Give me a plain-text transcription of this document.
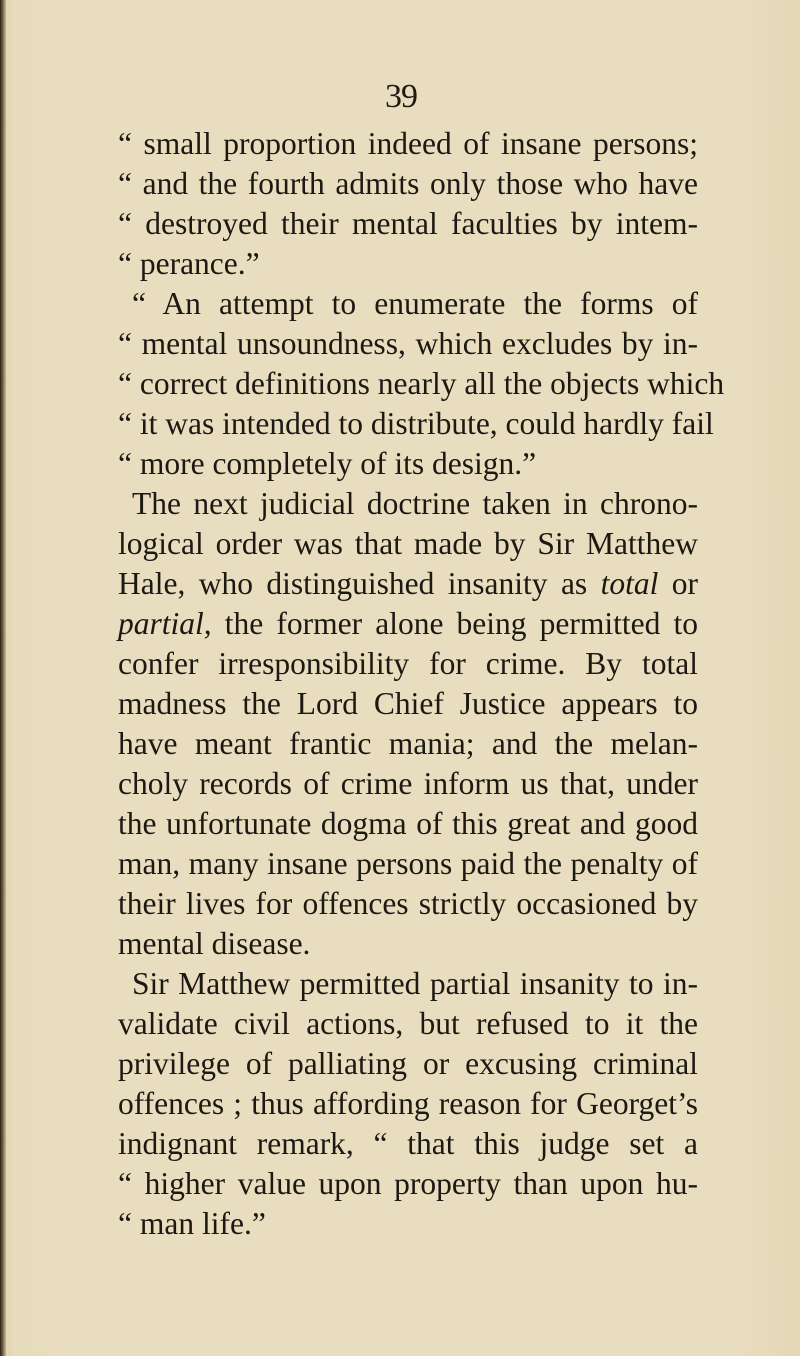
39
“ small proportion indeed of insane persons;
“ and the fourth admits only those who have
“ destroyed their mental faculties by intem-
“ perance.”
“ An attempt to enumerate the forms of
“ mental unsoundness, which excludes by in-
“ correct definitions nearly all the objects which
“ it was intended to distribute, could hardly fail
“ more completely of its design.”
The next judicial doctrine taken in chrono-
logical order was that made by Sir Matthew
Hale, who distinguished insanity as total or
partial, the former alone being permitted to
confer irresponsibility for crime. By total
madness the Lord Chief Justice appears to
have meant frantic mania; and the melan-
choly records of crime inform us that, under
the unfortunate dogma of this great and good
man, many insane persons paid the penalty of
their lives for offences strictly occasioned by
mental disease.
Sir Matthew permitted partial insanity to in-
validate civil actions, but refused to it the
privilege of palliating or excusing criminal
offences ; thus affording reason for Georget’s
indignant remark, “ that this judge set a
“ higher value upon property than upon hu-
“ man life.”
